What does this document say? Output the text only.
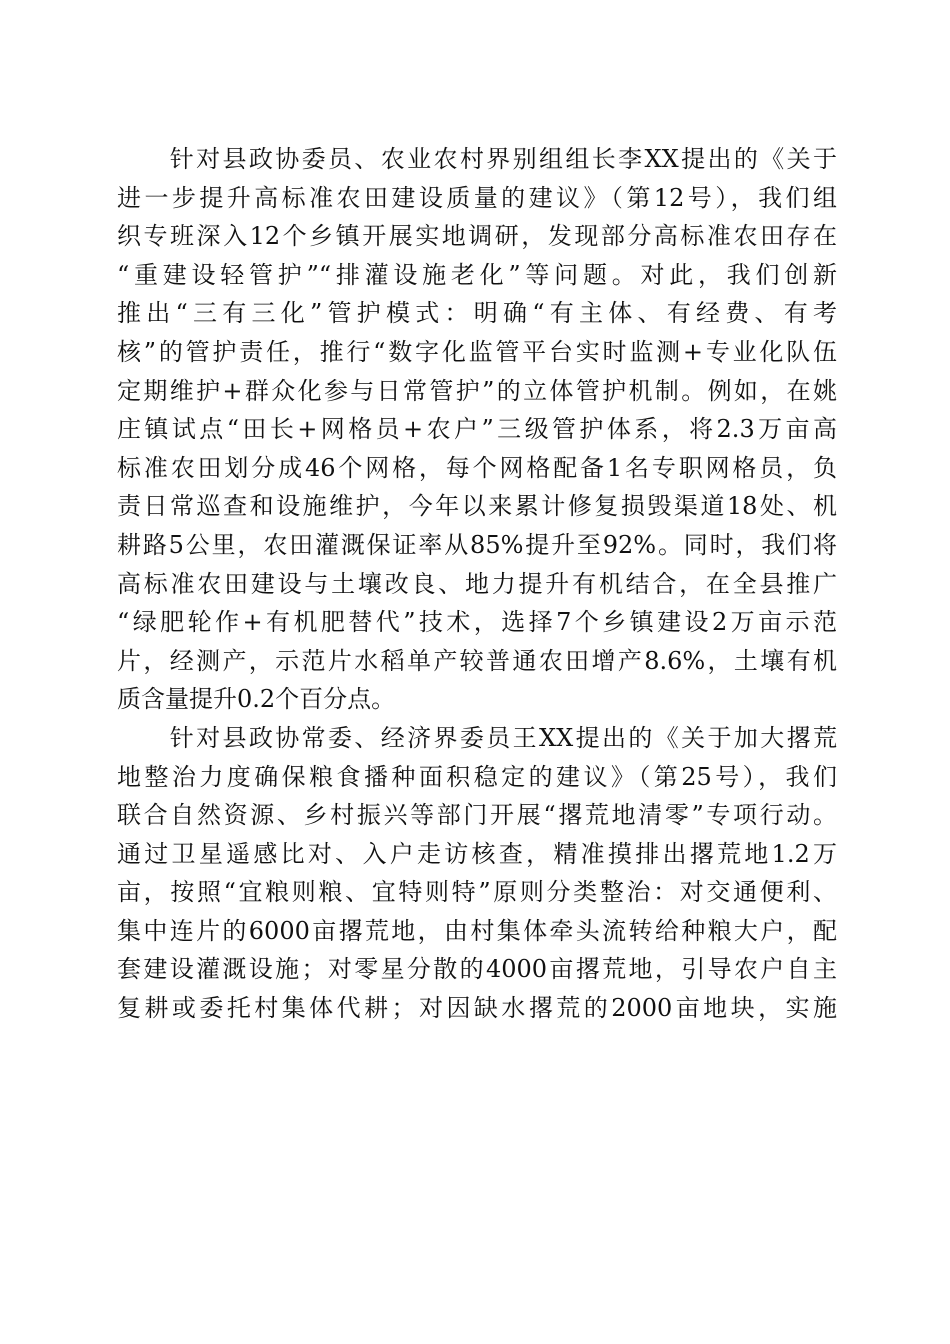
　　针对县政协委员、农业农村界别组组长李XX提出的《关于
进一步提升高标准农田建设质量的建议》（第12号），我们组
织专班深入12个乡镇开展实地调研，发现部分高标准农田存在
“重建设轻管护”“排灌设施老化”等问题。对此，我们创新
推出“三有三化”管护模式：明确“有主体、有经费、有考
核”的管护责任，推行“数字化监管平台实时监测+专业化队伍
定期维护+群众化参与日常管护”的立体管护机制。例如，在姚
庄镇试点“田长+网格员+农户”三级管护体系，将2.3万亩高
标准农田划分成46个网格，每个网格配备1名专职网格员，负
责日常巡查和设施维护，今年以来累计修复损毁渠道18处、机
耕路5公里，农田灌溉保证率从85%提升至92%。同时，我们将
高标准农田建设与土壤改良、地力提升有机结合，在全县推广
“绿肥轮作+有机肥替代”技术，选择7个乡镇建设2万亩示范
片，经测产，示范片水稻单产较普通农田增产8.6%，土壤有机
质含量提升0.2个百分点。
　　针对县政协常委、经济界委员王XX提出的《关于加大撂荒
地整治力度确保粮食播种面积稳定的建议》（第25号），我们
联合自然资源、乡村振兴等部门开展“撂荒地清零”专项行动。
通过卫星遥感比对、入户走访核查，精准摸排出撂荒地1.2万
亩，按照“宜粮则粮、宜特则特”原则分类整治：对交通便利、
集中连片的6000亩撂荒地，由村集体牵头流转给种粮大户，配
套建设灌溉设施；对零星分散的4000亩撂荒地，引导农户自主
复耕或委托村集体代耕；对因缺水撂荒的2000亩地块，实施
